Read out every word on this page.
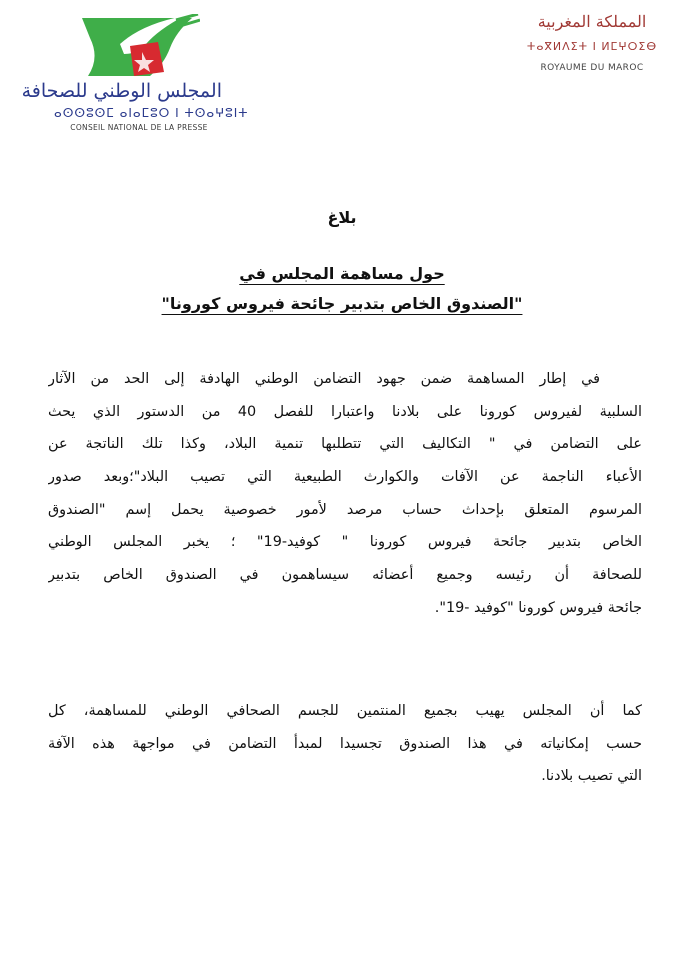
المجلس الوطني للصحافة
ⴰⵙⵙⵓⵙⵎ ⴰⵏⴰⵎⵓⵔ ⵏ ⵜⵙⴰⵖⵓⵏⵜ
CONSEIL NATIONAL DE LA PRESSE
المملكة المغربية
ⵜⴰⴳⵍⴷⵉⵜ ⵏ ⵍⵎⵖⵔⵉⴱ
ROYAUME DU MAROC
بلاغ
حول مساهمة المجلس في
"الصندوق الخاص بتدبير جائحة فيروس كورونا"
في إطار المساهمة ضمن جهود التضامن الوطني الهادفة إلى الحد من الآثار
السلبية لفيروس كورونا على بلادنا واعتبارا للفصل 40 من الدستور الذي يحث
على التضامن في " التكاليف التي تتطلبها تنمية البلاد، وكذا تلك الناتجة عن
الأعباء الناجمة عن الآفات والكوارث الطبيعية التي تصيب البلاد"؛وبعد صدور
المرسوم المتعلق بإحداث حساب مرصد لأمور خصوصية يحمل إسم "الصندوق
الخاص بتدبير جائحة فيروس كورونا " كوفيد-19" ؛ يخبر المجلس الوطني
للصحافة أن رئيسه وجميع أعضائه سيساهمون في الصندوق الخاص بتدبير
جائحة فيروس كورونا "كوفيد -19".
كما أن المجلس يهيب بجميع المنتمين للجسم الصحافي الوطني للمساهمة، كل
حسب إمكانياته في هذا الصندوق تجسيدا لمبدأ التضامن في مواجهة هذه الآفة
التي تصيب بلادنا.
